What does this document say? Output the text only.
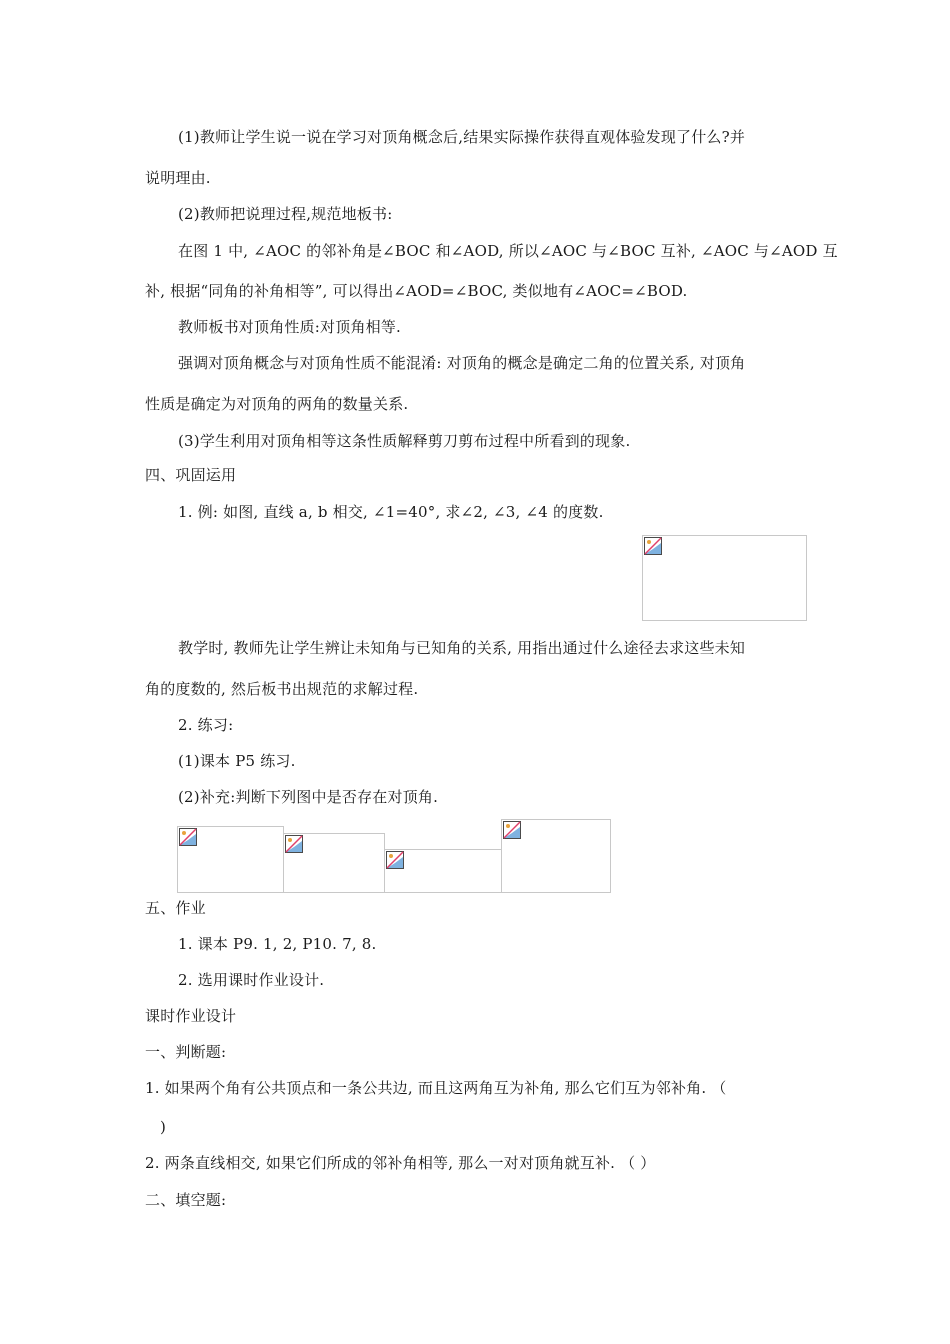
(1)教师让学生说一说在学习对顶角概念后,结果实际操作获得直观体验发现了什么?并
说明理由.
(2)教师把说理过程,规范地板书:
在图 1 中, ∠AOC 的邻补角是∠BOC 和∠AOD, 所以∠AOC 与∠BOC 互补, ∠AOC 与∠AOD 互
补, 根据“同角的补角相等”, 可以得出∠AOD=∠BOC, 类似地有∠AOC=∠BOD.
教师板书对顶角性质:对顶角相等.
强调对顶角概念与对顶角性质不能混淆: 对顶角的概念是确定二角的位置关系, 对顶角
性质是确定为对顶角的两角的数量关系.
(3)学生利用对顶角相等这条性质解释剪刀剪布过程中所看到的现象.
四、巩固运用
1. 例: 如图, 直线 a, b 相交, ∠1=40°, 求∠2, ∠3, ∠4 的度数.
教学时, 教师先让学生辨让未知角与已知角的关系, 用指出通过什么途径去求这些未知
角的度数的, 然后板书出规范的求解过程.
2. 练习:
(1)课本 P5 练习.
(2)补充:判断下列图中是否存在对顶角.
五、作业
1. 课本 P9. 1, 2, P10. 7, 8.
2. 选用课时作业设计.
课时作业设计
一、判断题:
1. 如果两个角有公共顶点和一条公共边, 而且这两角互为补角, 那么它们互为邻补角. （
)
2. 两条直线相交, 如果它们所成的邻补角相等, 那么一对对顶角就互补. （ ）
二、填空题:
